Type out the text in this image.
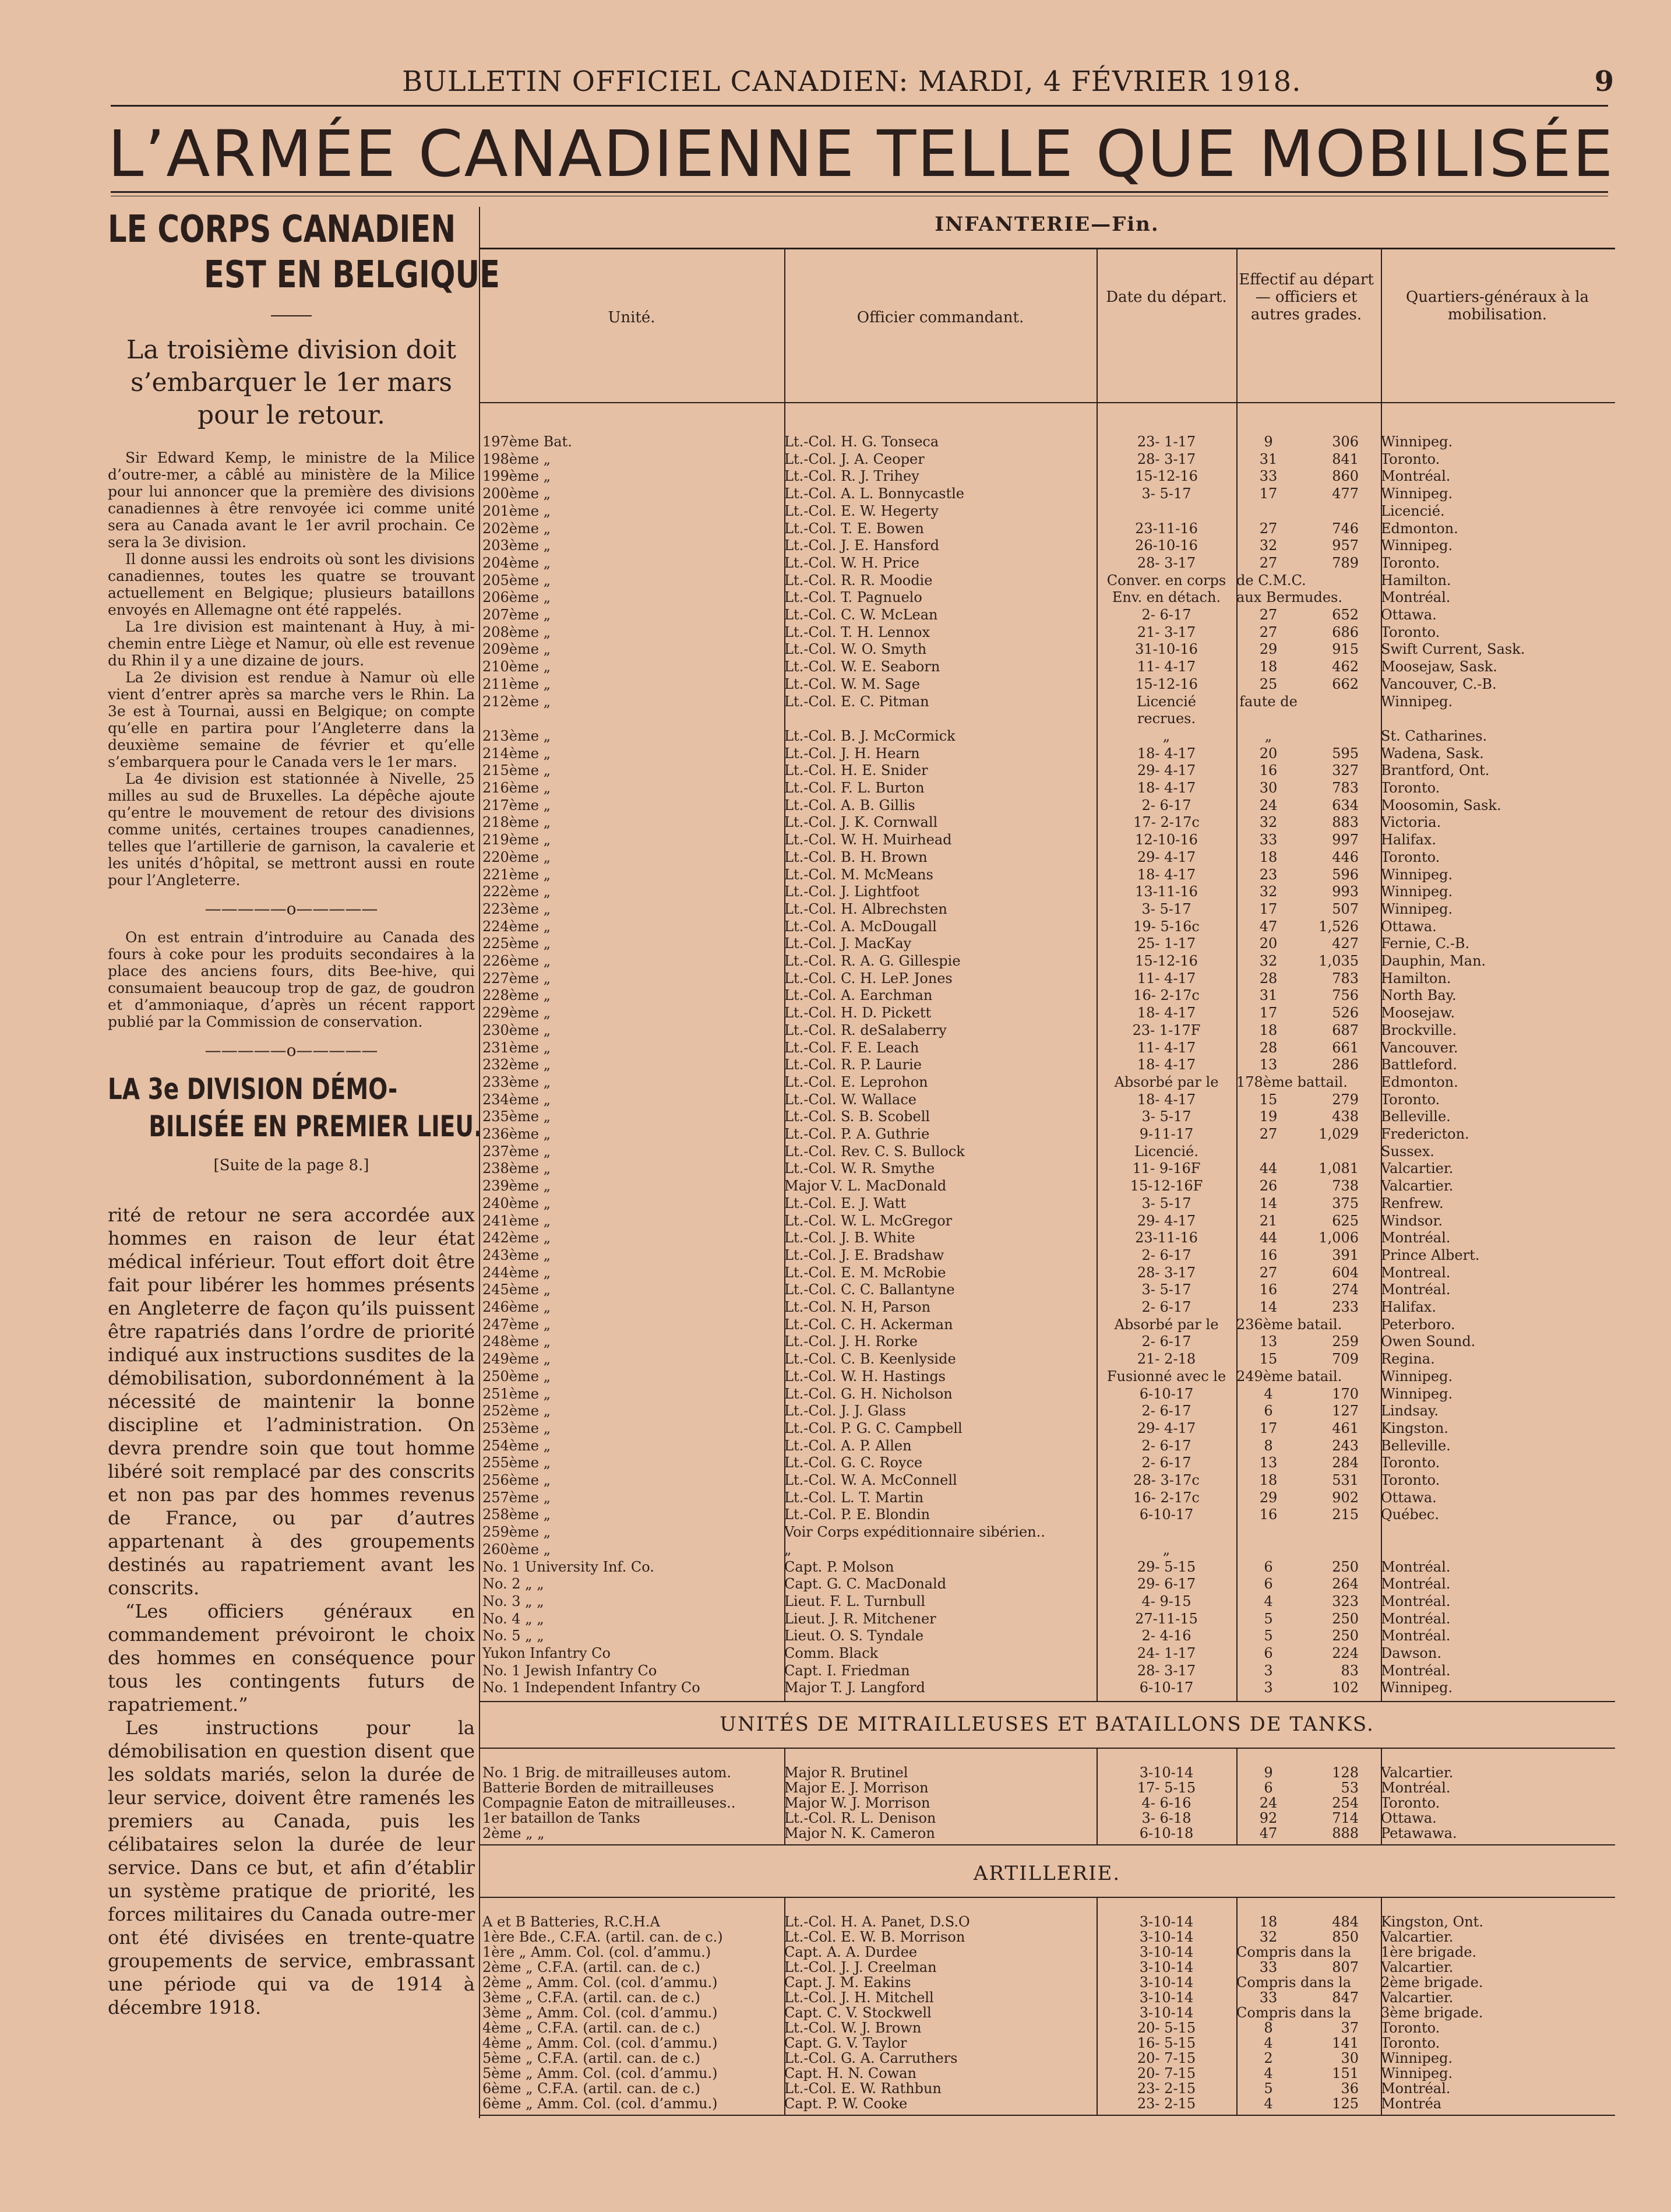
BULLETIN OFFICIEL CANADIEN: MARDI, 4 FÉVRIER 1918.	9
L’ARMÉE CANADIENNE TELLE QUE MOBILISÉE
LE CORPS CANADIEN
EST EN BELGIQUE
La troisième division doit
s’embarquer le 1er mars
pour le retour.

Sir Edward Kemp, le ministre de la Milice d’outre-mer, a câblé au ministère de la Milice pour lui annoncer que la première des divisions canadiennes à être renvoyée ici comme unité sera au Canada avant le 1er avril prochain. Ce sera la 3e division.

Il donne aussi les endroits où sont les divisions canadiennes, toutes les quatre se trouvant actuellement en Belgique; plusieurs bataillons envoyés en Allemagne ont été rappelés.

La 1re division est maintenant à Huy, à mi-chemin entre Liège et Namur, où elle est revenue du Rhin il y a une dizaine de jours.

La 2e division est rendue à Namur où elle vient d’entrer après sa marche vers le Rhin. La 3e est à Tournai, aussi en Belgique; on compte qu’elle en partira pour l’Angleterre dans la deuxième semaine de février et qu’elle s’embarquera pour le Canada vers le 1er mars.

La 4e division est stationnée à Nivelle, 25 milles au sud de Bruxelles. La dépêche ajoute qu’entre le mouvement de retour des divisions comme unités, certaines troupes canadiennes, telles que l’artillerie de garnison, la cavalerie et les unités d’hôpital, se mettront aussi en route pour l’Angleterre.

—————o—————

On est entrain d’introduire au Canada des fours à coke pour les produits secondaires à la place des anciens fours, dits Bee-hive, qui consumaient beaucoup trop de gaz, de goudron et d’ammoniaque, d’après un récent rapport publié par la Commission de conservation.

—————o—————
LA 3e DIVISION DÉMO-
BILISÉE EN PREMIER LIEU.
[Suite de la page 8.]

rité de retour ne sera accordée aux hommes en raison de leur état médical inférieur. Tout effort doit être fait pour libérer les hommes présents en Angleterre de façon qu’ils puissent être rapatriés dans l’ordre de priorité indiqué aux instructions susdites de la démobilisation, subordonnément à la nécessité de maintenir la bonne discipline et l’administration. On devra prendre soin que tout homme libéré soit remplacé par des conscrits et non pas par des hommes revenus de France, ou par d’autres appartenant à des groupements destinés au rapatriement avant les conscrits.

“Les officiers généraux en commandement prévoiront le choix des hommes en conséquence pour tous les contingents futurs de rapatriement.”

Les instructions pour la démobilisation en question disent que les soldats mariés, selon la durée de leur service, doivent être ramenés les premiers au Canada, puis les célibataires selon la durée de leur service. Dans ce but, et afin d’établir un système pratique de priorité, les forces militaires du Canada outre-mer ont été divisées en trente-quatre groupements de service, embrassant une période qui va de 1914 à décembre 1918.

INFANTERIE—Fin.
Unité.	Officier commandant.
Date du départ.
Effectif au départ— officiers et autres grades.
Quartiers-généraux à la mobilisation.
197ème Bat.	Lt.-Col. H. G. Tonseca	23- 1-17	9	306 Winnipeg.
198ème „	Lt.-Col. J. A. Ceoper	28- 3-17	31	841 Toronto.
199ème „	Lt.-Col. R. J. Trihey	15-12-16	33	860 Montréal.
200ème „	Lt.-Col. A. L. Bonnycastle	3- 5-17	17	477 Winnipeg.
201ème „	Lt.-Col. E. W. Hegerty	Licencié.
202ème „	Lt.-Col. T. E. Bowen	23-11-16	27	746 Edmonton.
203ème „	Lt.-Col. J. E. Hansford	26-10-16	32	957 Winnipeg.
204ème „	Lt.-Col. W. H. Price	28- 3-17	27	789 Toronto.
205ème „	Lt.-Col. R. R. Moodie	Conver. en corps de C.M.C.	Hamilton.
206ème „	Lt.-Col. T. Pagnuelo	Env. en détach.	aux Bermudes.	Montréal.
207ème „	Lt.-Col. C. W. McLean	2- 6-17	27	652 Ottawa.
208ème „	Lt.-Col. T. H. Lennox	21- 3-17	27	686 Toronto.
209ème „	Lt.-Col. W. O. Smyth	31-10-16	29	915 Swift Current, Sask.
210ème „	Lt.-Col. W. E. Seaborn	11- 4-17	18	462 Moosejaw, Sask.
211ème „	Lt.-Col. W. M. Sage	15-12-16	25	662 Vancouver, C.-B.
212ème „	Lt.-Col. E. C. Pitman	Licencié	faute de	Winnipeg.
recrues.
213ème „	Lt.-Col. B. J. McCormick	„	„	St. Catharines.
214ème „	Lt.-Col. J. H. Hearn	18- 4-17	20	595 Wadena, Sask.
215ème „	Lt.-Col. H. E. Snider	29- 4-17	16	327 Brantford, Ont.
216ème „	Lt.-Col. F. L. Burton	18- 4-17	30	783 Toronto.
217ème „	Lt.-Col. A. B. Gillis	2- 6-17	24	634 Moosomin, Sask.
218ème „	Lt.-Col. J. K. Cornwall	17- 2-17c	32	883 Victoria.
219ème „	Lt.-Col. W. H. Muirhead	12-10-16	33	997 Halifax.
220ème „	Lt.-Col. B. H. Brown	29- 4-17	18	446 Toronto.
221ème „	Lt.-Col. M. McMeans	18- 4-17	23	596 Winnipeg.
222ème „	Lt.-Col. J. Lightfoot	13-11-16	32	993 Winnipeg.
223ème „	Lt.-Col. H. Albrechsten	3- 5-17	17	507 Winnipeg.
224ème „	Lt.-Col. A. McDougall	19- 5-16c	47	1,526 Ottawa.
225ème „	Lt.-Col. J. MacKay	25- 1-17	20	427 Fernie, C.-B.
226ème „	Lt.-Col. R. A. G. Gillespie	15-12-16	32	1,035 Dauphin, Man.
227ème „	Lt.-Col. C. H. LeP. Jones	11- 4-17	28	783 Hamilton.
228ème „	Lt.-Col. A. Earchman	16- 2-17c	31	756 North Bay.
229ème „	Lt.-Col. H. D. Pickett	18- 4-17	17	526 Moosejaw.
230ème „	Lt.-Col. R. deSalaberry	23- 1-17F	18	687 Brockville.
231ème „	Lt.-Col. F. E. Leach	11- 4-17	28	661 Vancouver.
232ème „	Lt.-Col. R. P. Laurie	18- 4-17	13	286 Battleford.
233ème „	Lt.-Col. E. Leprohon	Absorbé par le	178ème battail. Edmonton.
234ème „	Lt.-Col. W. Wallace	18- 4-17	15	279 Toronto.
235ème „	Lt.-Col. S. B. Scobell	3- 5-17	19	438 Belleville.
236ème „	Lt.-Col. P. A. Guthrie	9-11-17	27	1,029 Fredericton.
237ème „	Lt.-Col. Rev. C. S. Bullock	Licencié.	Sussex.
238ème „	Lt.-Col. W. R. Smythe	11- 9-16F	44	1,081 Valcartier.
239ème „	Major V. L. MacDonald	15-12-16F	26	738 Valcartier.
240ème „	Lt.-Col. E. J. Watt	3- 5-17	14	375 Renfrew.
241ème „	Lt.-Col. W. L. McGregor	29- 4-17	21	625 Windsor.
242ème „	Lt.-Col. J. B. White	23-11-16	44	1,006 Montréal.
243ème „	Lt.-Col. J. E. Bradshaw	2- 6-17	16	391 Prince Albert.
244ème „	Lt.-Col. E. M. McRobie	28- 3-17	27	604 Montreal.
245ème „	Lt.-Col. C. C. Ballantyne	3- 5-17	16	274 Montréal.
246ème „	Lt.-Col. N. H, Parson	2- 6-17	14	233 Halifax.
247ème „	Lt.-Col. C. H. Ackerman	Absorbé par le	236ème batail.	Peterboro.
248ème „	Lt.-Col. J. H. Rorke	2- 6-17	13	259 Owen Sound.
249ème „	Lt.-Col. C. B. Keenlyside	21- 2-18	15	709 Regina.
250ème „	Lt.-Col. W. H. Hastings	Fusionné avec le 249ème batail.	Winnipeg.
251ème „	Lt.-Col. G. H. Nicholson	6-10-17	4	170 Winnipeg.
252ème „	Lt.-Col. J. J. Glass	2- 6-17	6	127 Lindsay.
253ème „	Lt.-Col. P. G. C. Campbell	29- 4-17	17	461 Kingston.
254ème „	Lt.-Col. A. P. Allen	2- 6-17	8	243 Belleville.
255ème „	Lt.-Col. G. C. Royce	2- 6-17	13	284 Toronto.
256ème „	Lt.-Col. W. A. McConnell	28- 3-17c	18	531 Toronto.
257ème „	Lt.-Col. L. T. Martin	16- 2-17c	29	902 Ottawa.
258ème „	Lt.-Col. P. E. Blondin	6-10-17	16	215 Québec.
259ème „	Voir Corps expéditionnaire sibérien..
260ème „	„	„
No. 1 University Inf. Co.	Capt. P. Molson	29- 5-15	6	250 Montréal.
No. 2 „ „	Capt. G. C. MacDonald	29- 6-17	6	264 Montréal.
No. 3 „ „	Lieut. F. L. Turnbull	4- 9-15	4	323 Montréal.
No. 4 „ „	Lieut. J. R. Mitchener	27-11-15	5	250 Montréal.
No. 5 „ „	Lieut. O. S. Tyndale	2- 4-16	5	250 Montréal.
Yukon Infantry Co	Comm. Black	24- 1-17	6	224 Dawson.
No. 1 Jewish Infantry Co	Capt. I. Friedman	28- 3-17	3	83 Montréal.
No. 1 Independent Infantry Co	Major T. J. Langford	6-10-17	3	102 Winnipeg.
UNITÉS DE MITRAILLEUSES ET BATAILLONS DE TANKS.
No. 1 Brig. de mitrailleuses autom.	Major R. Brutinel	3-10-14	9	128 Valcartier.
Batterie Borden de mitrailleuses	Major E. J. Morrison	17- 5-15	6	53 Montréal.
Compagnie Eaton de mitrailleuses..	Major W. J. Morrison	4- 6-16	24	254 Toronto.
1er bataillon de Tanks	Lt.-Col. R. L. Denison	3- 6-18	92	714 Ottawa.
2ème „ „	Major N. K. Cameron	6-10-18	47	888 Petawawa.
ARTILLERIE.
A et B Batteries, R.C.H.A	Lt.-Col. H. A. Panet, D.S.O	3-10-14	18	484 Kingston, Ont.
1ère Bde., C.F.A. (artil. can. de c.)	Lt.-Col. E. W. B. Morrison	3-10-14	32	850 Valcartier.
1ère „ Amm. Col. (col. d’ammu.)	Capt. A. A. Durdee	3-10-14	Compris dans la 1ère brigade.
2ème „ C.F.A. (artil. can. de c.)	Lt.-Col. J. J. Creelman	3-10-14	33	807 Valcartier.
2ème „ Amm. Col. (col. d’ammu.)	Capt. J. M. Eakins	3-10-14	Compris dans la 2ème brigade.
3ème „ C.F.A. (artil. can. de c.)	Lt.-Col. J. H. Mitchell	3-10-14	33	847 Valcartier.
3ème „ Amm. Col. (col. d’ammu.)	Capt. C. V. Stockwell	3-10-14	Compris dans la 3ème brigade.
4ème „ C.F.A. (artil. can. de c.)	Lt.-Col. W. J. Brown	20- 5-15	8	37 Toronto.
4ème „ Amm. Col. (col. d’ammu.)	Capt. G. V. Taylor	16- 5-15	4	141 Toronto.
5ème „ C.F.A. (artil. can. de c.)	Lt.-Col. G. A. Carruthers	20- 7-15	2	30 Winnipeg.
5ème „ Amm. Col. (col. d’ammu.)	Capt. H. N. Cowan	20- 7-15	4	151 Winnipeg.
6ème „ C.F.A. (artil. can. de c.)	Lt.-Col. E. W. Rathbun	23- 2-15	5	36 Montréal.
6ème „ Amm. Col. (col. d’ammu.)	Capt. P. W. Cooke	23- 2-15	4	125 Montréa
